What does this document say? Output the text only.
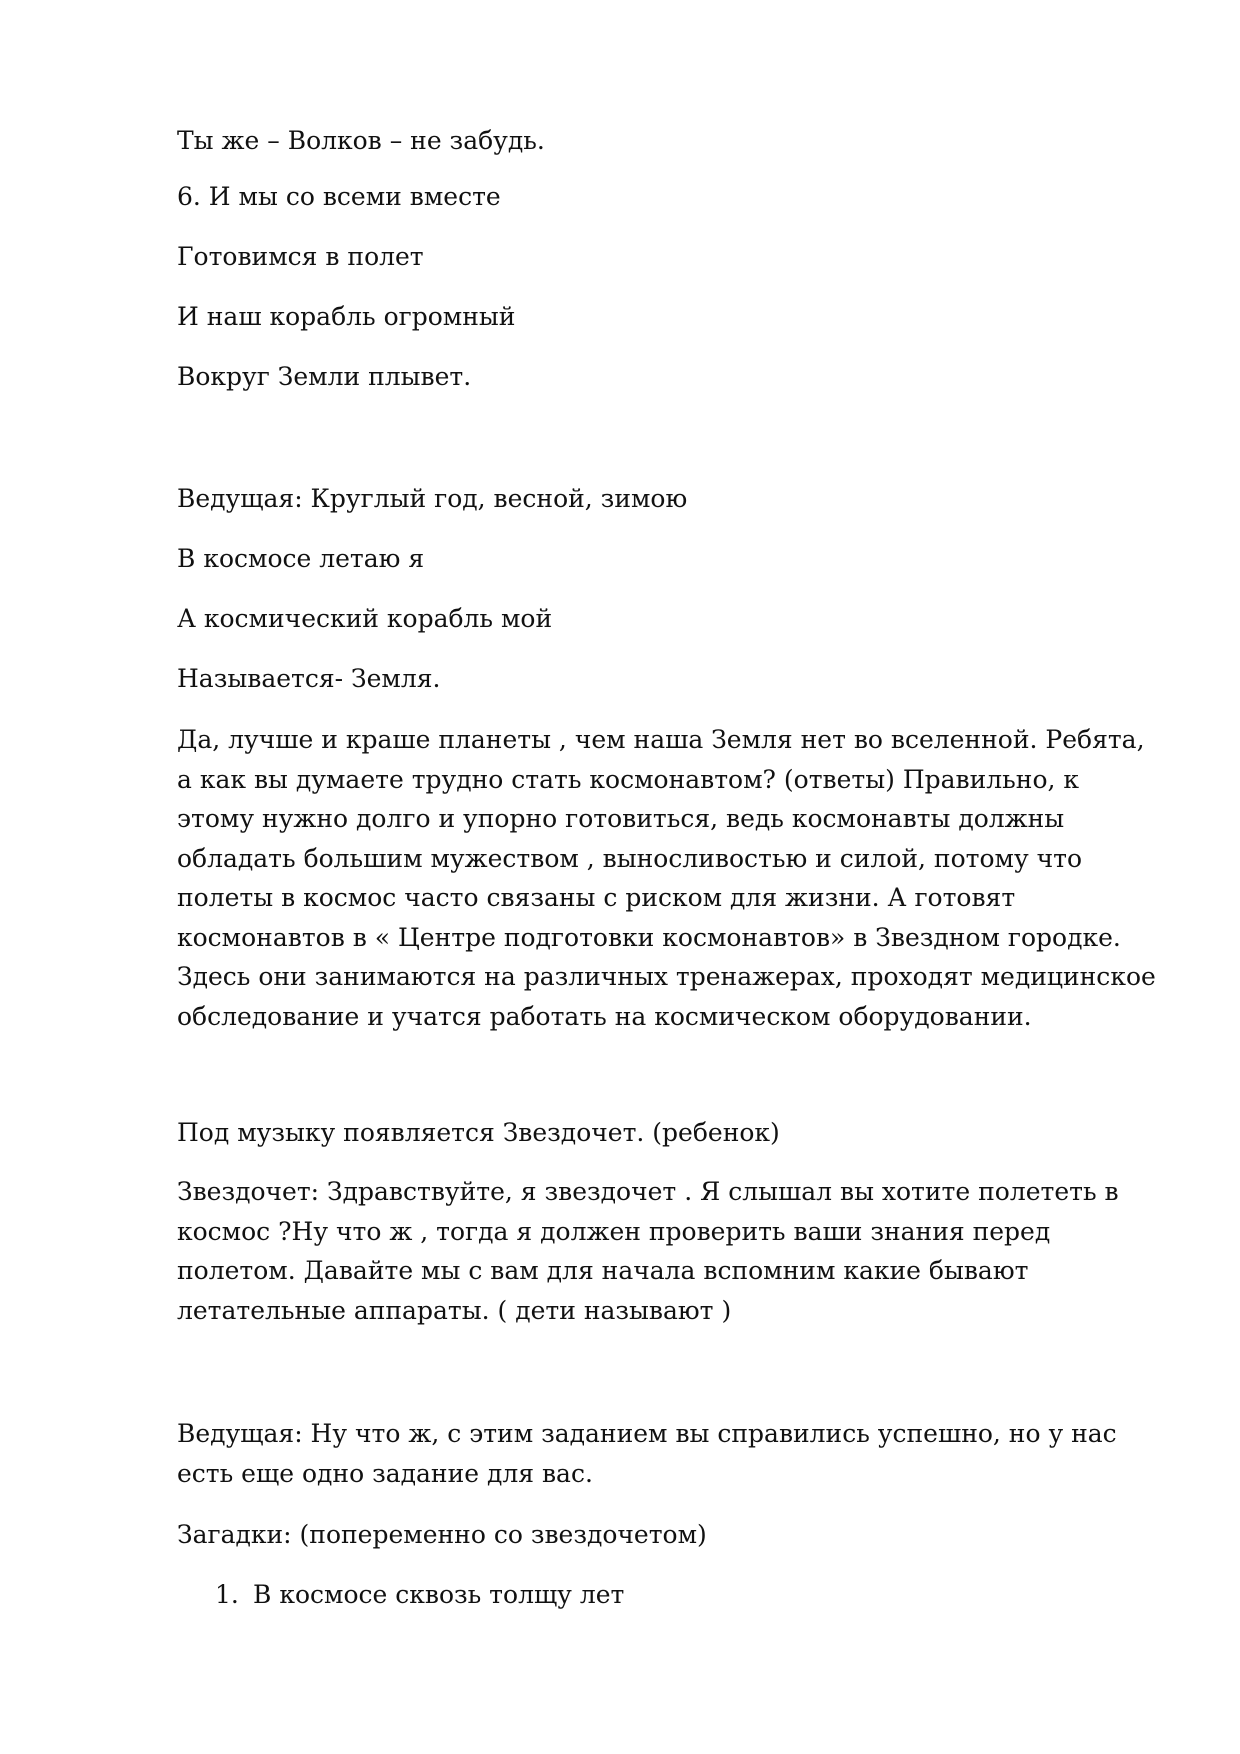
Ты же – Волков – не забудь.

6. И мы со всеми вместе

Готовимся в полет

И наш корабль огромный

Вокруг Земли плывет.

Ведущая: Круглый год, весной, зимою

В космосе летаю я

А космический корабль мой

Называется- Земля.

Да, лучше и краше планеты , чем наша Земля нет во вселенной. Ребята,
а как вы думаете трудно стать космонавтом? (ответы) Правильно, к
этому нужно долго и упорно готовиться, ведь космонавты должны
обладать большим мужеством , выносливостью и силой, потому что
полеты в космос часто связаны с риском для жизни. А готовят
космонавтов в « Центре подготовки космонавтов» в Звездном городке.
Здесь они занимаются на различных тренажерах, проходят медицинское
обследование и учатся работать на космическом оборудовании.

Под музыку появляется Звездочет. (ребенок)

Звездочет: Здравствуйте, я звездочет . Я слышал вы хотите полететь в
космос ?Ну что ж , тогда я должен проверить ваши знания перед
полетом. Давайте мы с вам для начала вспомним какие бывают
летательные аппараты. ( дети называют )
Ведущая: Ну что ж, с этим заданием вы справились успешно, но у нас
есть еще одно задание для вас.

Загадки: (попеременно со звездочетом)

1. В космосе сквозь толщу лет
